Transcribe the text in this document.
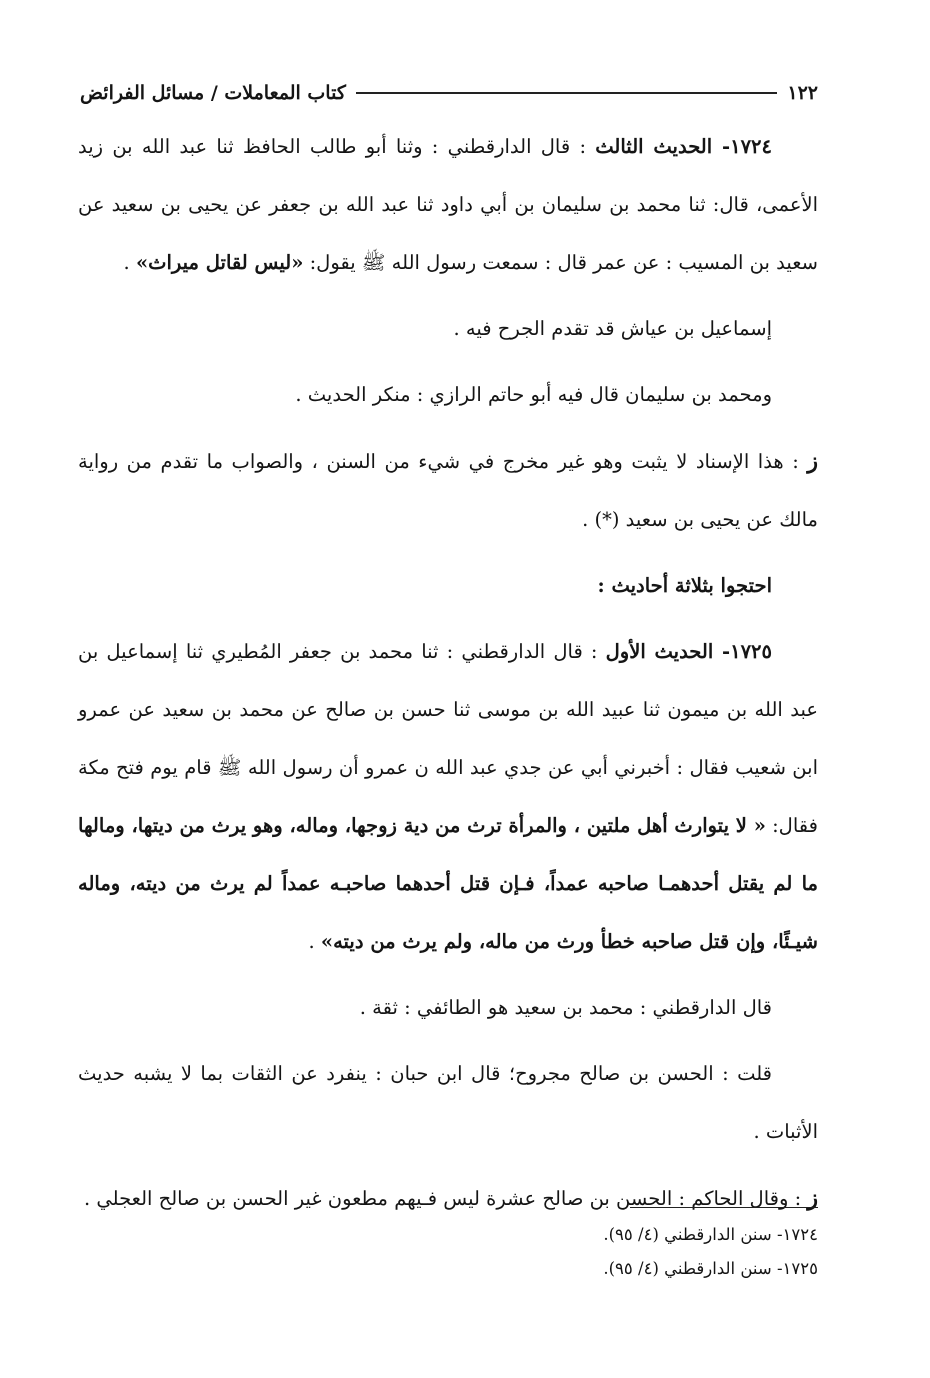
١٢٢
كتاب المعاملات / مسائل الفرائض

١٧٢٤- الحديث الثالث : قال الدارقطني : وثنا أبو طالب الحافظ ثنا عبد الله بن زيد الأعمى، قال: ثنا محمد بن سليمان بن أبي داود ثنا عبد الله بن جعفر عن يحيى بن سعيد عن سعيد بن المسيب : عن عمر قال : سمعت رسول الله ﷺ يقول: «ليس لقاتل ميراث» .

إسماعيل بن عياش قد تقدم الجرح فيه .

ومحمد بن سليمان قال فيه أبو حاتم الرازي : منكر الحديث .

ز : هذا الإسناد لا يثبت وهو غير مخرج في شيء من السنن ، والصواب ما تقدم من رواية مالك عن يحيى بن سعيد (*) .

احتجوا بثلاثة أحاديث :

١٧٢٥- الحديث الأول : قال الدارقطني : ثنا محمد بن جعفر المُطيري ثنا إسماعيل بن عبد الله بن ميمون ثنا عبيد الله بن موسى ثنا حسن بن صالح عن محمد بن سعيد عن عمرو ابن شعيب فقال : أخبرني أبي عن جدي عبد الله ن عمرو أن رسول الله ﷺ قام يوم فتح مكة فقال: « لا يتوارث أهل ملتين ، والمرأة ترث من دية زوجها، وماله، وهو يرث من ديتها، ومالها ما لم يقتل أحدهمـا صاحبه عمداً، فـإن قتل أحدهما صاحبـه عمداً لم يرث من ديته، وماله شيـئًا، وإن قتل صاحبه خطأ ورث من ماله، ولم يرث من ديته» .

قال الدارقطني : محمد بن سعيد هو الطائفي : ثقة .

قلت : الحسن بن صالح مجروح؛ قال ابن حبان : ينفرد عن الثقات بما لا يشبه حديث الأثبات .

ز : وقال الحاكم : الحسن بن صالح عشرة ليس فـيهم مطعون غير الحسن بن صالح العجلي .

١٧٢٤- سنن الدارقطني (٤/ ٩٥).

١٧٢٥- سنن الدارقطني (٤/ ٩٥).
